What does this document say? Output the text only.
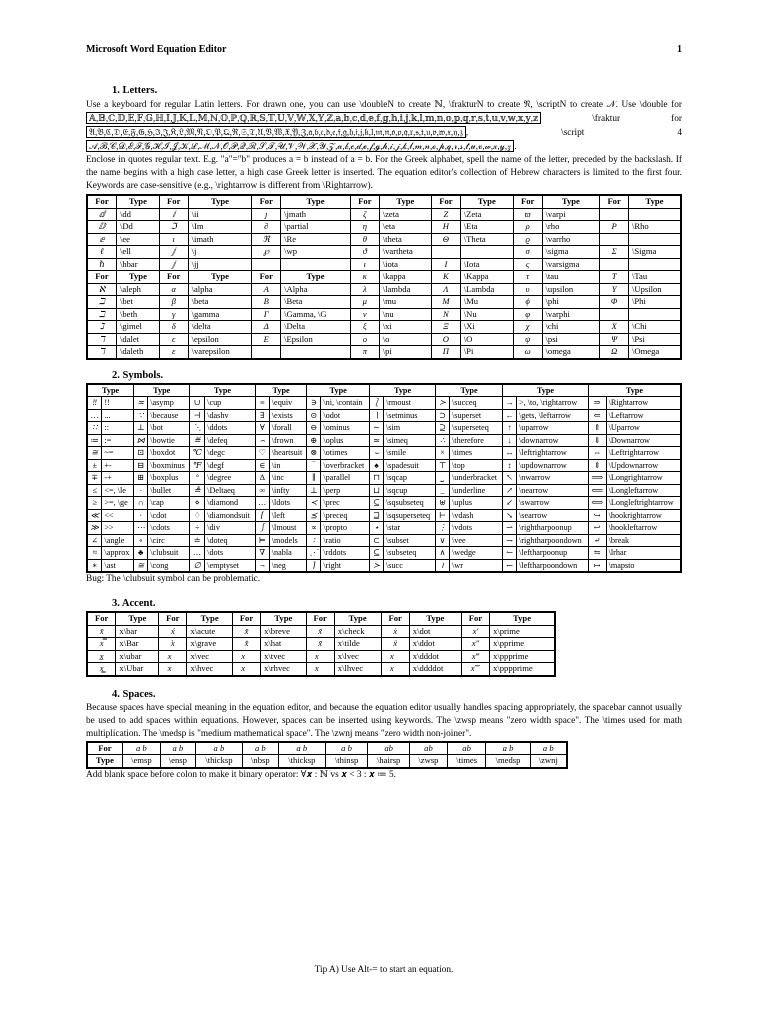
Microsoft Word Equation Editor	1
1. Letters.

Use a keyboard for regular Latin letters. For drawn one, you can use \doubleN to create ℕ, \frakturN to create 𝔑, \scriptN to create 𝒩. Use \double for 𝔸,𝔹,ℂ,𝔻,𝔼,𝔽,𝔾,ℍ,𝕀,𝕁,𝕂,𝕃,𝕄,ℕ,𝕆,ℙ,ℚ,ℝ,𝕊,𝕋,𝕌,𝕍,𝕎,𝕏,𝕐,ℤ,𝕒,𝕓,𝕔,𝕕,𝕖,𝕗,𝕘,𝕙,𝕚,𝕛,𝕜,𝕝,𝕞,𝕟,𝕠,𝕡,𝕢,𝕣,𝕤,𝕥,𝕦,𝕧,𝕨,𝕩,𝕪,𝕫	\fraktur for 𝔄,𝔅,ℭ,𝔇,𝔈,𝔉,𝔊,ℌ,ℑ,𝔍,𝔎,𝔏,𝔐,𝔑,𝔒,𝔓,𝔔,ℜ,𝔖,𝔗,𝔘,𝔙,𝔚,𝔛,𝔜,ℨ,𝔞,𝔟,𝔠,𝔡,𝔢,𝔣,𝔤,𝔥,𝔦,𝔧,𝔨,𝔩,𝔪,𝔫,𝔬,𝔭,𝔮,𝔯,𝔰,𝔱,𝔲,𝔳,𝔴,𝔵,𝔶,𝔷 , \script	4 𝒜,ℬ,𝒞,𝒟,ℰ,ℱ,𝒢,ℋ,ℐ,𝒥,𝒦,ℒ,ℳ,𝒩,𝒪,𝒫,𝒬,ℛ,𝒮,𝒯,𝒰,𝒱,𝒲,𝒳,𝒴,𝒵,𝒶,𝒷,𝒸,𝒹,ℯ,𝒻,ℊ,𝒽,𝒾,𝒿,𝓀,𝓁,𝓂,𝓃,ℴ,𝓅,𝓆,𝓇,𝓈,𝓉,𝓊,𝓋,𝓌,𝓍,𝓎,𝓏 .

Enclose in quotes regular text. E.g. "a"="b" produces a = b instead of a = b. For the Greek alphabet, spell the name of the letter, preceded by the backslash. If the name begins with a high case letter, a high case Greek letter is inserted. The equation editor's collection of Hebrew characters is limited to the first four. Keywords are case-sensitive (e.g., \rightarrow is different from \Rightarrow).

For	Type	For	Type	For	Type	For	Type	For	Type	For	Type	For	Type
ⅆ	\dd	ⅈ	\ii	ȷ	\jmath	ζ	\zeta	Z	\Zeta	ϖ	\varpi		
ⅅ	\Dd	ℑ	\Im	∂	\partial	η	\eta	H	\Eta	ρ	\rho	P	\Rho
ⅇ	\ee	ı	\imath	ℜ	\Re	θ	\theta	Θ	\Theta	ϱ	\varrho		
ℓ	\ell	ⅉ	\j	℘	\wp	ϑ	\vartheta			σ	\sigma	Σ	\Sigma
ℏ	\hbar	ⅉ	\jj			ι	\iota	I	\Iota	ς	\varsigma		
For	Type	For	Type	For	Type	κ	\kappa	K	\Kappa	τ	\tau	T	\Tau
ℵ	\aleph	α	\alpha	A	\Alpha	λ	\lambda	Λ	\Lambda	υ	\upsilon	Υ	\Upsilon
ℶ	\bet	β	\beta	B	\Beta	μ	\mu	M	\Mu	ϕ	\phi	Φ	\Phi
ℶ	\beth	γ	\gamma	Γ	\Gamma, \G	ν	\nu	N	\Nu	φ	\varphi		
ℷ	\gimel	δ	\delta	Δ	\Delta	ξ	\xi	Ξ	\Xi	χ	\chi	X	\Chi
ℸ	\dalet	ϵ	\epsilon	E	\Epsilon	ο	\o	O	\O	ψ	\psi	Ψ	\Psi
ℸ	\daleth	ε	\varepsilon			π	\pi	Π	\Pi	ω	\omega	Ω	\Omega
2. Symbols.
Type		Type		Type		Type		Type		Type		Type		Type		Type	
‼	!!	≍	\asymp	∪	\cup	≡	\equiv	∋	\ni, \contain	⎱	\rmoust	≻	\succeq	→	>, \to, \rightarrow	⇒	\Rightarrow
…	...	∵	\because	⊣	\dashv	∃	\exists	⊙	\odot	∖	\setminus	⊃	\superset	←	\gets, \leftarrow	⇐	\Leftarrow
∷	::	⊥	\bot	⋱	\ddots	∀	\forall	⊖	\ominus	∼	\sim	⊇	\superseteq	↑	\uparrow	⇑	\Uparrow
≔	:=	⋈	\bowtie	≝	\defeq	⌢	\frown	⊕	\oplus	≃	\simeq	∴	\therefore	↓	\downarrow	⇓	\Downarrow
≅	~=	⊡	\boxdot	℃	\degc	♡	\heartsuit	⊗	\otimes	⌣	\smile	×	\times	↔	\leftrightarrow	⇔	\Leftrightarrow
±	+-	⊟	\boxminus	℉	\degf	∈	\in	‾	\overbracket	♠	\spadesuit	⊤	\top	↕	\updownarrow	⇕	\Updownarrow
∓	-+	⊞	\boxplus	°	\degree	∆	\inc	∥	\parallel	⊓	\sqcap	⎵	\underbracket	↖	\nwarrow	⟹	\Longrightarrow
≤	<=, \le	∙	\bullet	≜	\Deltaeq	∞	\infty	⊥	\perp	⊔	\sqcup	_	\underline	↗	\nearrow	⟸	\Longleftarrow
≥	>=, \ge	∩	\cap	⋄	\diamond	…	\ldots	≺	\prec	⊆	\sqsubseteq	⊎	\uplus	↙	\swarrow	⟺	\Longleftrightarrow
≪	<<	⋅	\cdot	♢	\diamondsuit	⌈	\left	⪯	\preceq	⊒	\sqsuperseteq	⊢	\vdash	↘	\searrow	↪	\hookrightarrow
≫	>>	⋯	\cdots	÷	\div	⎰	\lmoust	∝	\propto	⋆	\star	⋮	\vdots	⇀	\rightharpoonup	↩	\hookleftarrow
∠	\angle	∘	\circ	≐	\doteq	⊨	\models	∶	\ratio	⊂	\subset	∨	\vee	⇁	\rightharpoondown	⤶	\break
≈	\approx	♣	\clubsuit	…	\dots	∇	\nabla	⋰	\rddots	⊆	\subseteq	∧	\wedge	↼	\leftharpoonup	⇋	\lrhar
∗	\ast	≅	\cong	∅	\emptyset	¬	\neg	⌉	\right	≻	\succ	≀	\wr	↽	\leftharpoondown	↦	\mapsto

Bug: The \clubsuit symbol can be problematic.

3. Accent.
For	Type	For	Type	For	Type	For	Type	For	Type	For	Type
x̄	x\bar	x́	x\acute	x̆	x\breve	x̌	x\check	ẋ	x\dot	x′	x\prime
x̿	x\Bar	x̀	x\grave	x̂	x\hat	x̃	x\tilde	ẍ	x\ddot	x″	x\pprime
x̲	x\ubar	x⃗	x\vec	x⃖	x\tvec	x⃐	x\lvec	x⃛	x\dddot	x‴	x\ppprime
x̳	x\Ubar	x⃡	x\hvec	x⃡	x\rhvec	x⃖	x\lhvec	x⃜	x\ddddot	x⁗	x\pppprime
4. Spaces.

Because spaces have special meaning in the equation editor, and because the equation editor usually handles spacing appropriately, the spacebar cannot usually be used to add spaces within equations. However, spaces can be inserted using keywords. The \zwsp means "zero width space". The \times used for math multiplication. The \medsp is "medium mathematical space". The \zwnj means "zero width non-joiner".

For	a b	a b	a b	a b	a b	a b	ab	ab	ab	a b	a b
Type	\emsp	\ensp	\thicksp	\nbsp	\thicksp	\thinsp	\hairsp	\zwsp	\times	\medsp	\zwnj

Add blank space before colon to make it binary operator: ∀𝒙 : ℕ vs 𝒙 < 3 : 𝒙 ≔ 5.

Tip A) Use Alt-= to start an equation.
